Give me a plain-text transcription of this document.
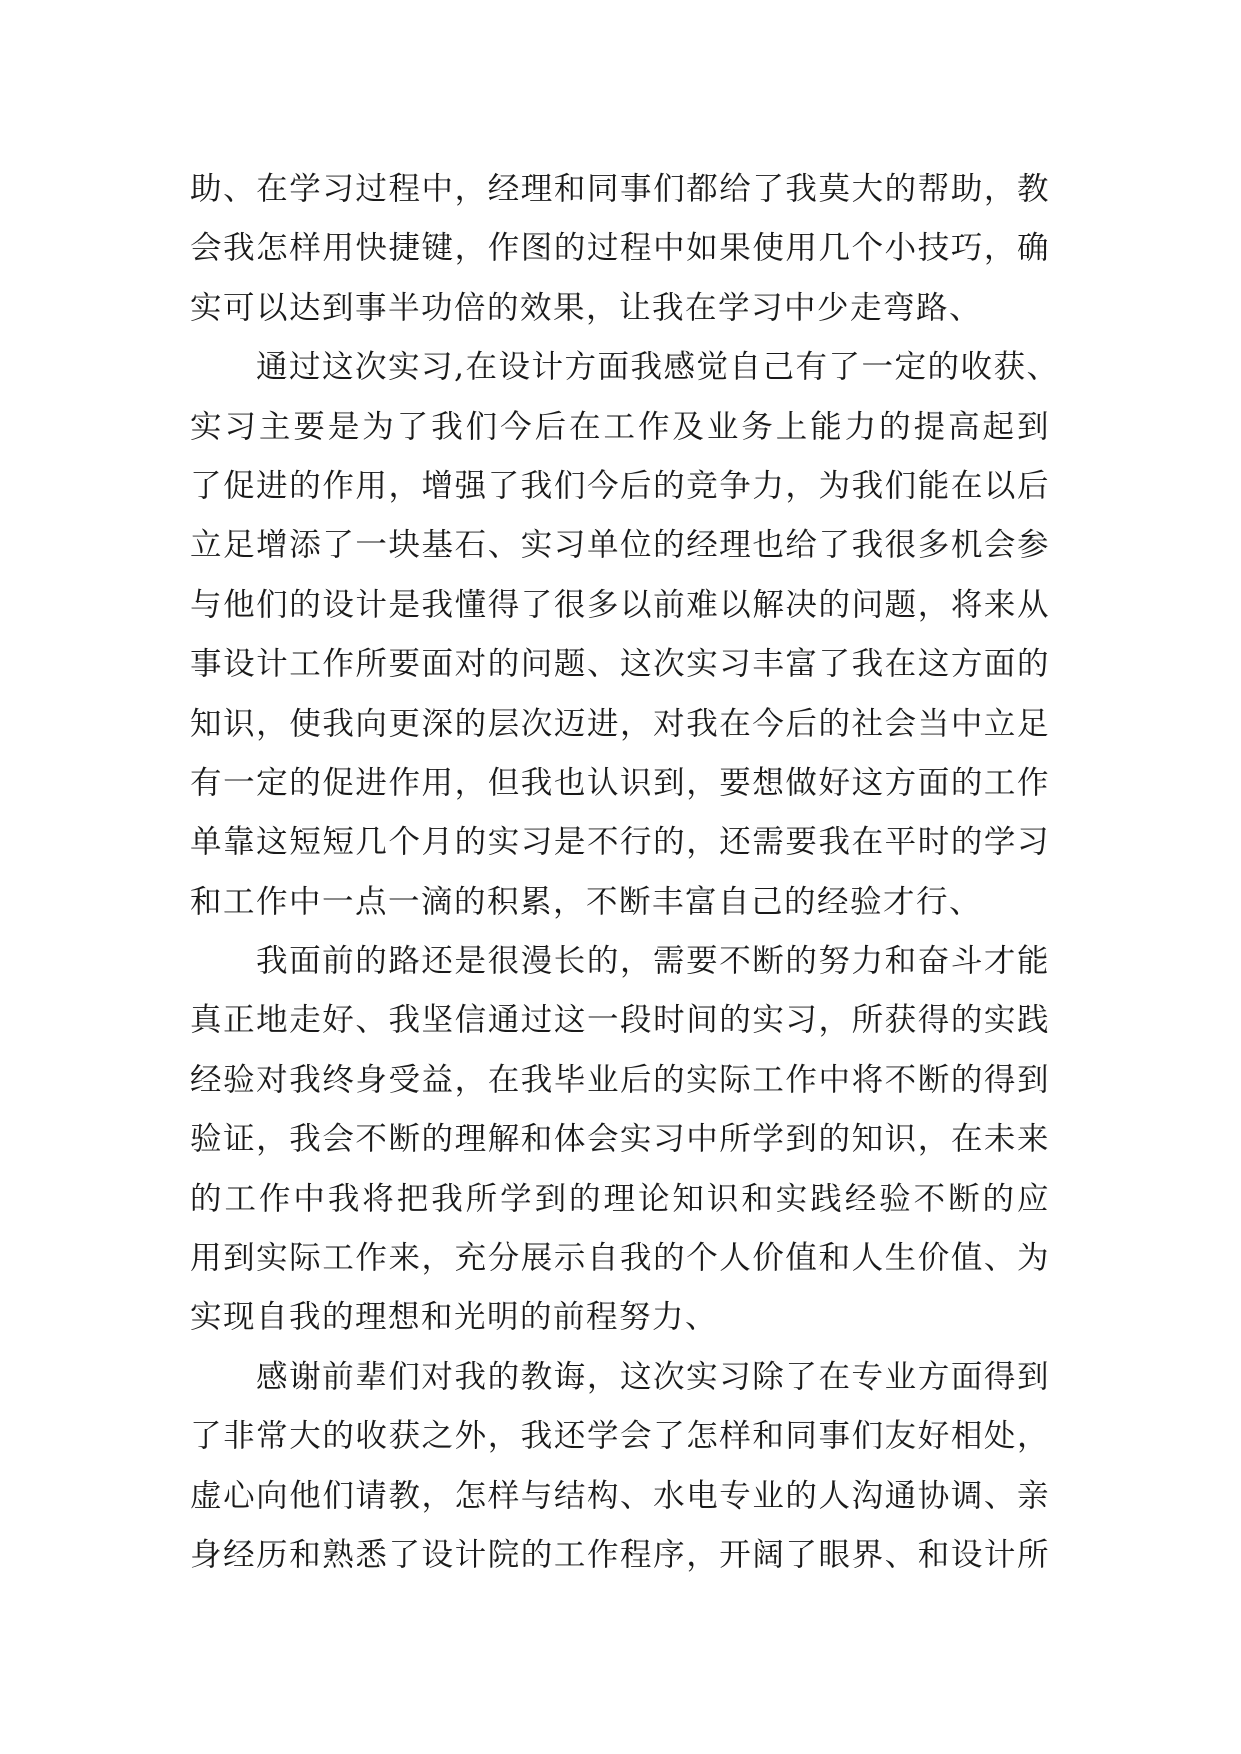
助、在学习过程中，经理和同事们都给了我莫大的帮助，教
会我怎样用快捷键，作图的过程中如果使用几个小技巧，确
实可以达到事半功倍的效果，让我在学习中少走弯路、
通过这次实习,在设计方面我感觉自己有了一定的收获、
实习主要是为了我们今后在工作及业务上能力的提高起到
了促进的作用，增强了我们今后的竞争力，为我们能在以后
立足增添了一块基石、实习单位的经理也给了我很多机会参
与他们的设计是我懂得了很多以前难以解决的问题，将来从
事设计工作所要面对的问题、这次实习丰富了我在这方面的
知识，使我向更深的层次迈进，对我在今后的社会当中立足
有一定的促进作用，但我也认识到，要想做好这方面的工作
单靠这短短几个月的实习是不行的，还需要我在平时的学习
和工作中一点一滴的积累，不断丰富自己的经验才行、
我面前的路还是很漫长的，需要不断的努力和奋斗才能
真正地走好、我坚信通过这一段时间的实习，所获得的实践
经验对我终身受益，在我毕业后的实际工作中将不断的得到
验证，我会不断的理解和体会实习中所学到的知识，在未来
的工作中我将把我所学到的理论知识和实践经验不断的应
用到实际工作来，充分展示自我的个人价值和人生价值、为
实现自我的理想和光明的前程努力、
感谢前辈们对我的教诲，这次实习除了在专业方面得到
了非常大的收获之外，我还学会了怎样和同事们友好相处，
虚心向他们请教，怎样与结构、水电专业的人沟通协调、亲
身经历和熟悉了设计院的工作程序，开阔了眼界、和设计所
